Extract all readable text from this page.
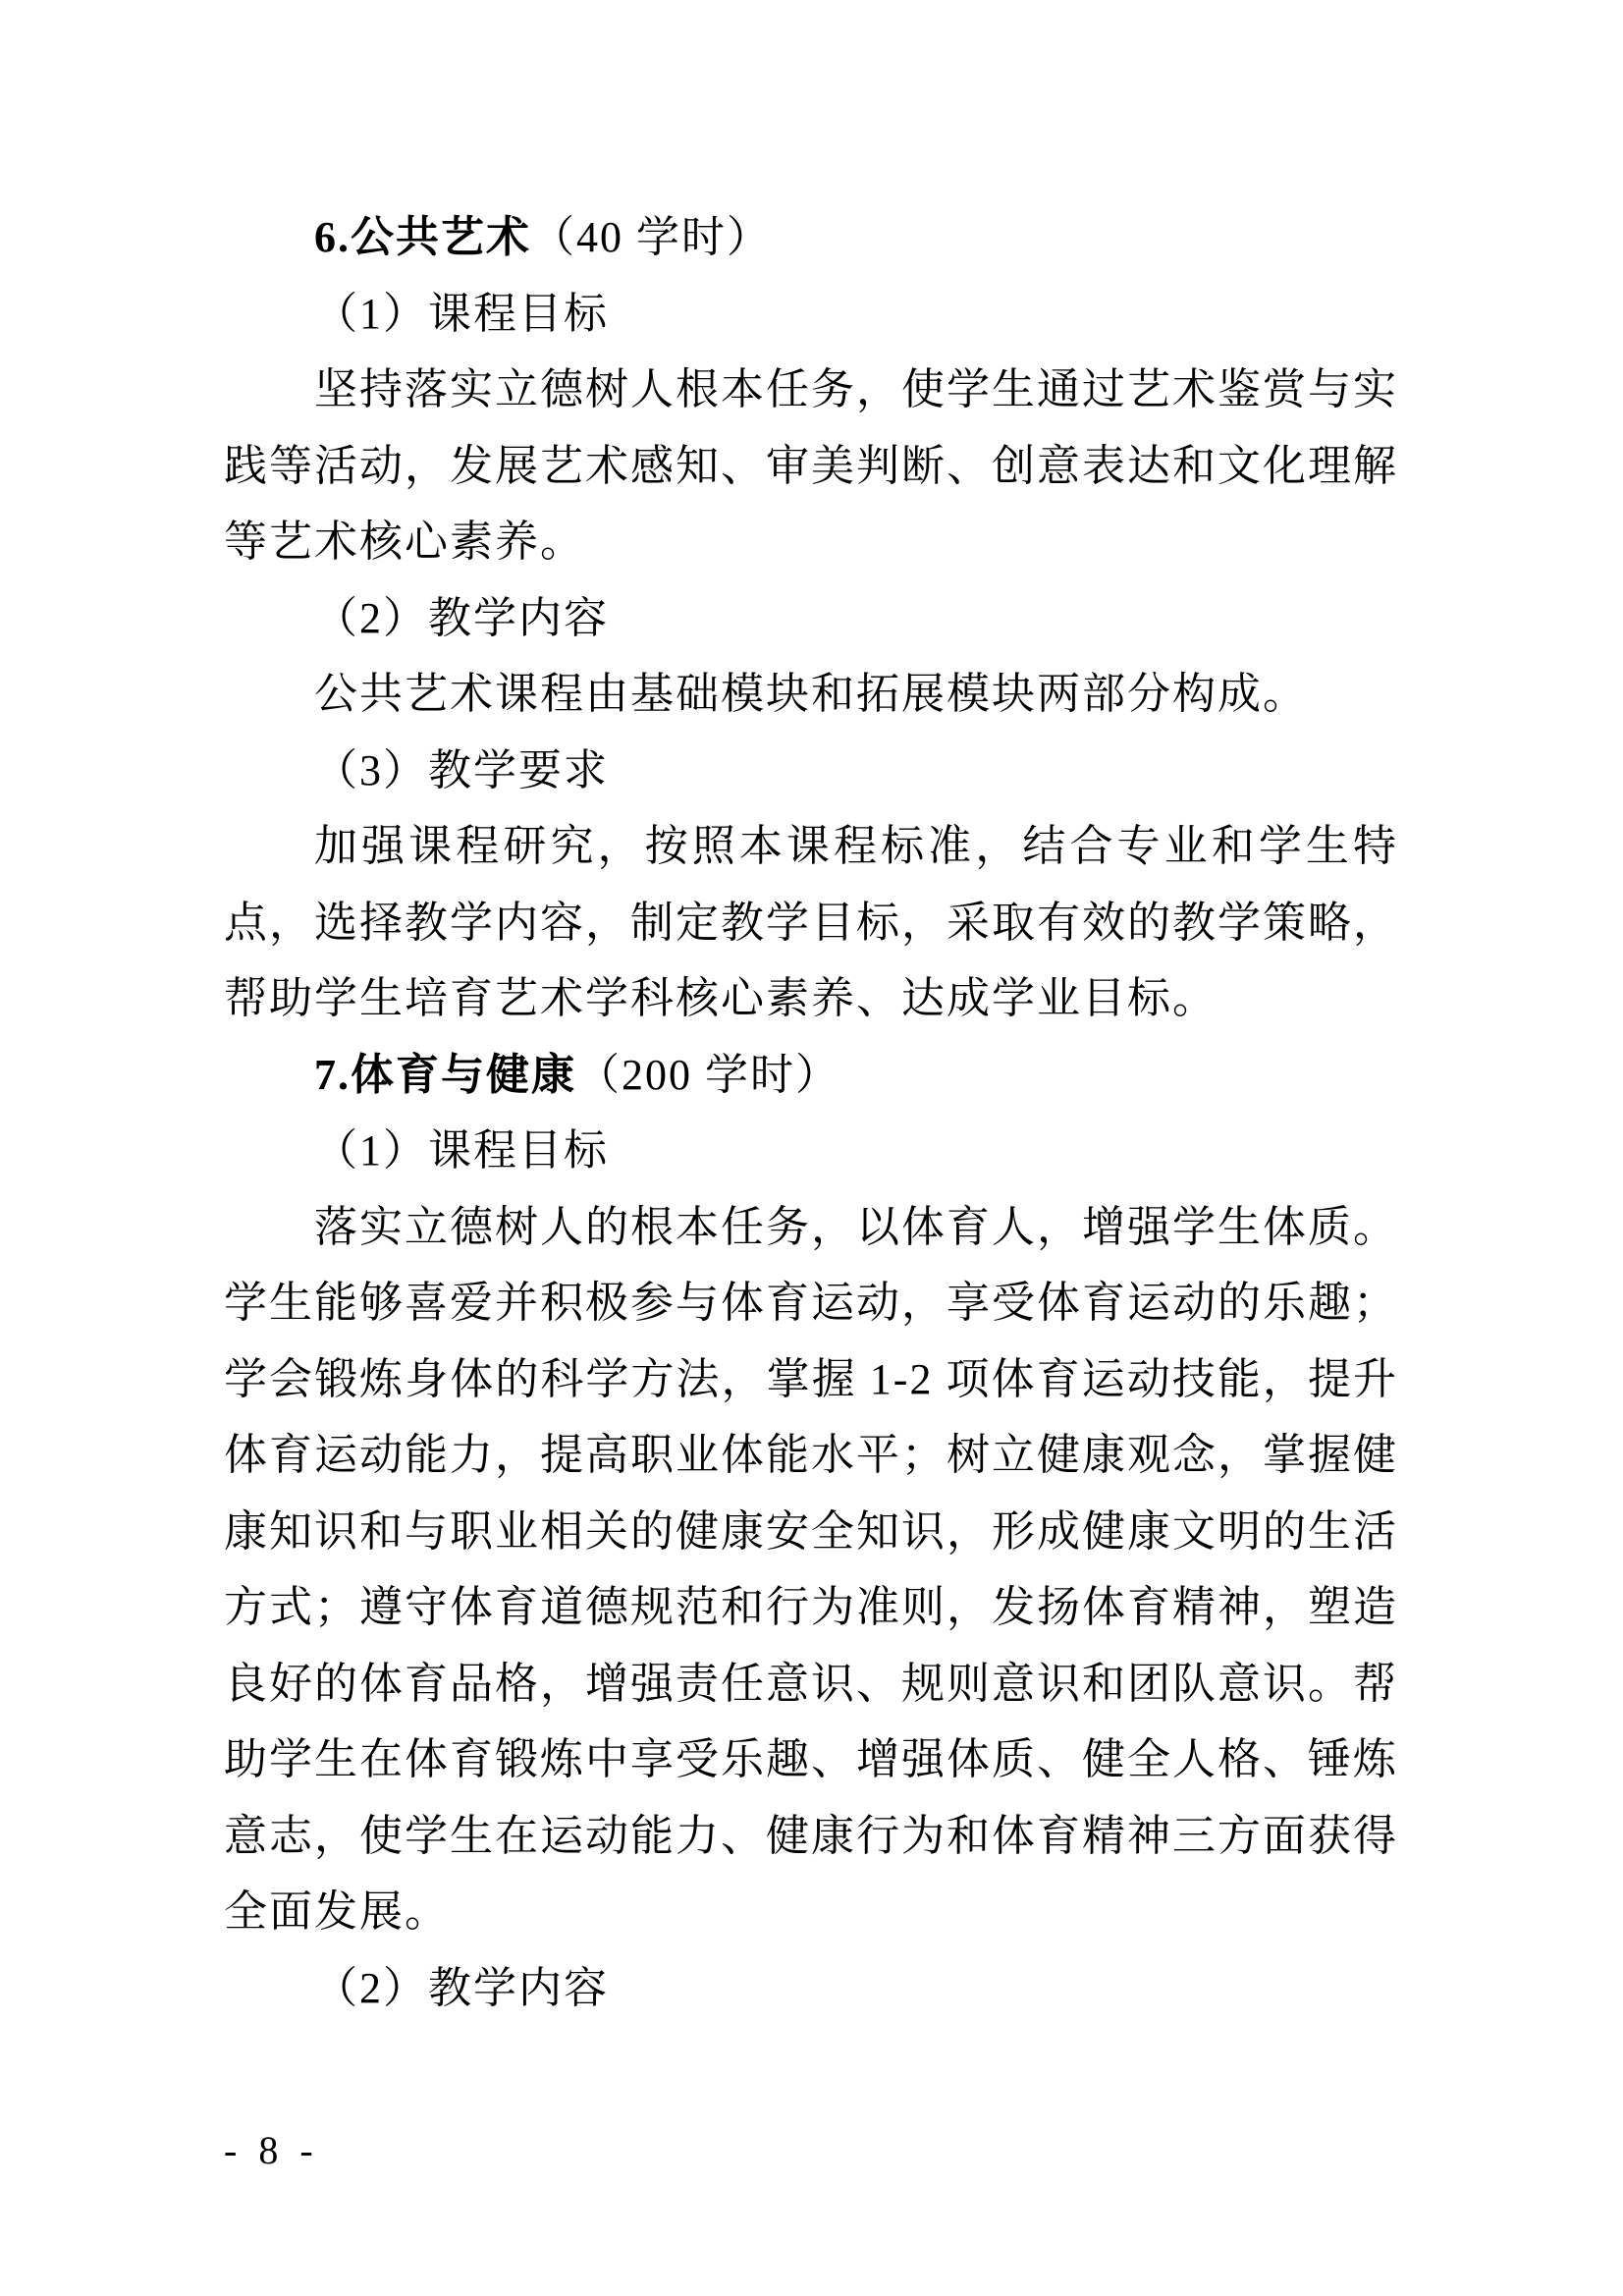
6.公共艺术（40 学时）

（1）课程目标

坚持落实立德树人根本任务，使学生通过艺术鉴赏与实践等活动，发展艺术感知、审美判断、创意表达和文化理解等艺术核心素养。

（2）教学内容

公共艺术课程由基础模块和拓展模块两部分构成。

（3）教学要求

加强课程研究，按照本课程标准，结合专业和学生特点，选择教学内容，制定教学目标，采取有效的教学策略，帮助学生培育艺术学科核心素养、达成学业目标。

7.体育与健康（200 学时）

（1）课程目标

落实立德树人的根本任务，以体育人，增强学生体质。学生能够喜爱并积极参与体育运动，享受体育运动的乐趣；学会锻炼身体的科学方法，掌握 1-2 项体育运动技能，提升体育运动能力，提高职业体能水平；树立健康观念，掌握健康知识和与职业相关的健康安全知识，形成健康文明的生活方式；遵守体育道德规范和行为准则，发扬体育精神，塑造良好的体育品格，增强责任意识、规则意识和团队意识。帮助学生在体育锻炼中享受乐趣、增强体质、健全人格、锤炼意志，使学生在运动能力、健康行为和体育精神三方面获得全面发展。

（2）教学内容

- 8 -
